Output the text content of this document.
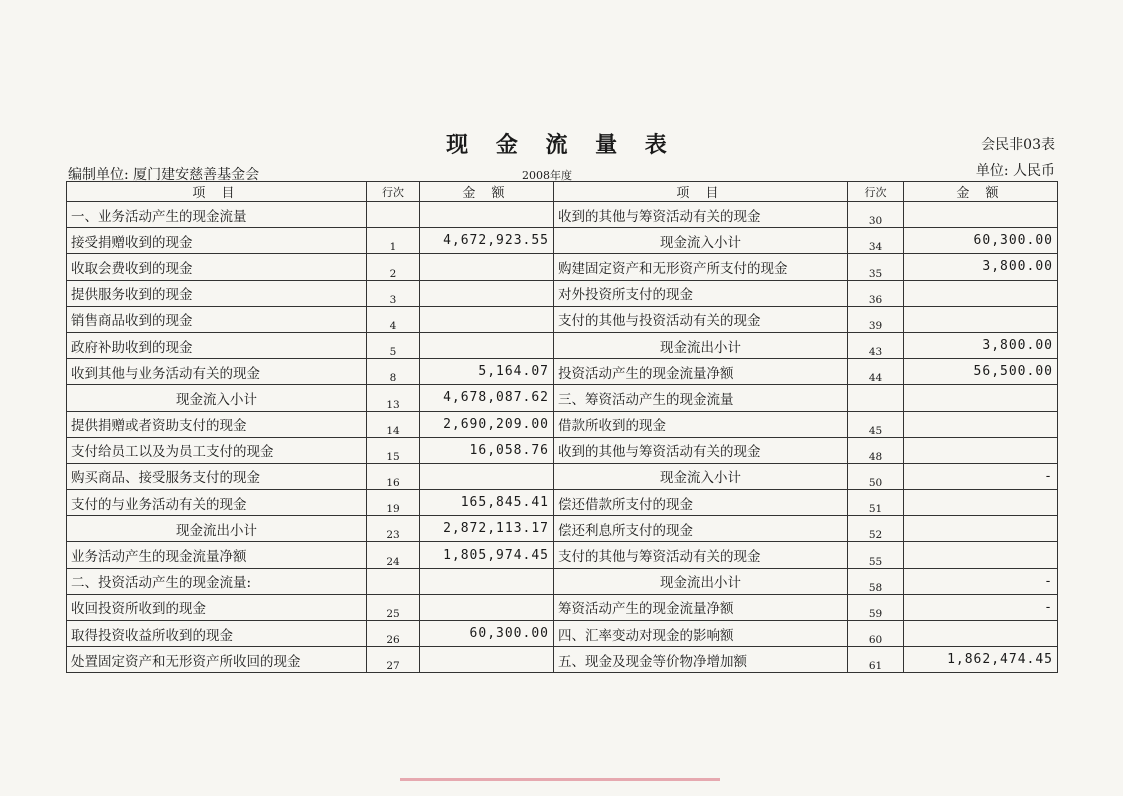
现 金 流 量 表	会民非03表
编制单位: 厦门建安慈善基金会	2008年度	单位: 人民币
项 目	行次	金 额	项 目	行次	金 额
一、业务活动产生的现金流量			收到的其他与筹资活动有关的现金	30	
接受捐赠收到的现金	1	4,672,923.55	现金流入小计	34	60,300.00
收取会费收到的现金	2		购建固定资产和无形资产所支付的现金	35	3,800.00
提供服务收到的现金	3		对外投资所支付的现金	36	
销售商品收到的现金	4		支付的其他与投资活动有关的现金	39	
政府补助收到的现金	5		现金流出小计	43	3,800.00
收到其他与业务活动有关的现金	8	5,164.07	投资活动产生的现金流量净额	44	56,500.00
现金流入小计	13	4,678,087.62	三、筹资活动产生的现金流量		
提供捐赠或者资助支付的现金	14	2,690,209.00	借款所收到的现金	45	
支付给员工以及为员工支付的现金	15	16,058.76	收到的其他与筹资活动有关的现金	48	
购买商品、接受服务支付的现金	16		现金流入小计	50	-
支付的与业务活动有关的现金	19	165,845.41	偿还借款所支付的现金	51	
现金流出小计	23	2,872,113.17	偿还利息所支付的现金	52	
业务活动产生的现金流量净额	24	1,805,974.45	支付的其他与筹资活动有关的现金	55	
二、投资活动产生的现金流量:			现金流出小计	58	-
收回投资所收到的现金	25		筹资活动产生的现金流量净额	59	-
取得投资收益所收到的现金	26	60,300.00	四、汇率变动对现金的影响额	60	
处置固定资产和无形资产所收回的现金	27		五、现金及现金等价物净增加额	61	1,862,474.45
